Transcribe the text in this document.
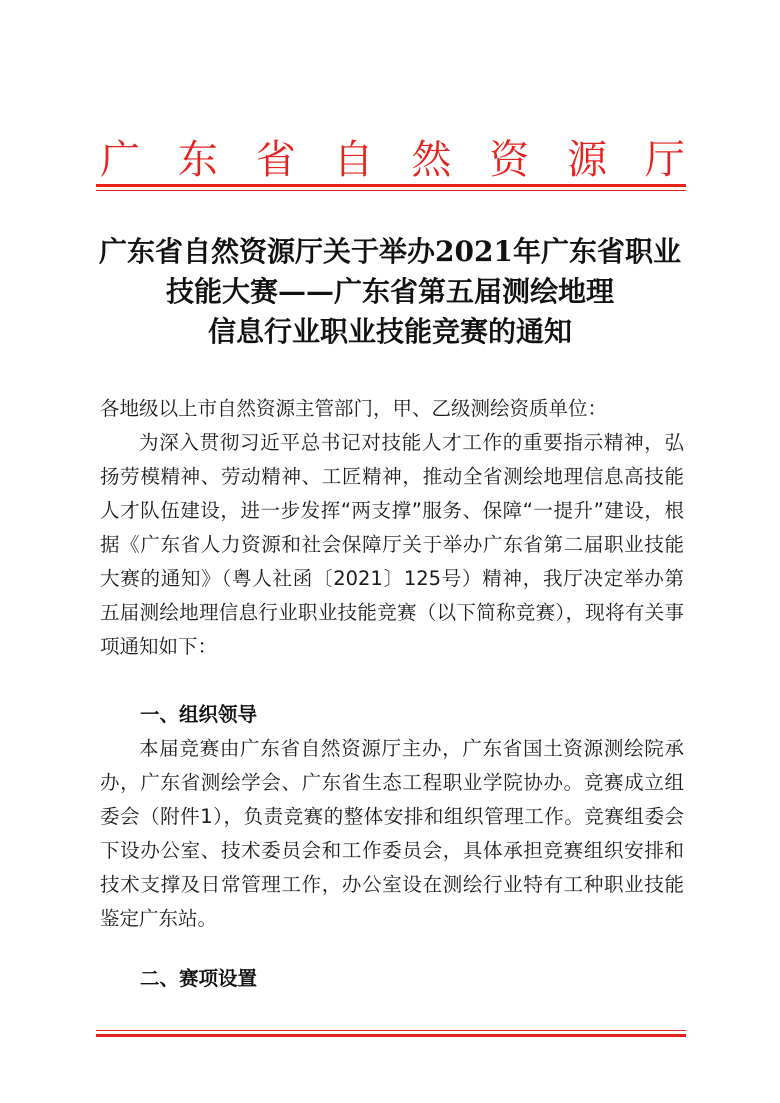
广 东 省 自 然 资 源 厅
广东省自然资源厅关于举办2021年广东省职业
技能大赛——广东省第五届测绘地理
信息行业职业技能竞赛的通知
各地级以上市自然资源主管部门，甲、乙级测绘资质单位：

为深入贯彻习近平总书记对技能人才工作的重要指示精神，弘扬劳模精神、劳动精神、工匠精神，推动全省测绘地理信息高技能人才队伍建设，进一步发挥“两支撑”服务、保障“一提升”建设，根据《广东省人力资源和社会保障厅关于举办广东省第二届职业技能大赛的通知》（粤人社函〔2021〕125号）精神，我厅决定举办第五届测绘地理信息行业职业技能竞赛（以下简称竞赛），现将有关事项通知如下：

一、组织领导

本届竞赛由广东省自然资源厅主办，广东省国土资源测绘院承办，广东省测绘学会、广东省生态工程职业学院协办。竞赛成立组委会（附件1），负责竞赛的整体安排和组织管理工作。竞赛组委会下设办公室、技术委员会和工作委员会，具体承担竞赛组织安排和技术支撑及日常管理工作，办公室设在测绘行业特有工种职业技能鉴定广东站。

二、赛项设置
